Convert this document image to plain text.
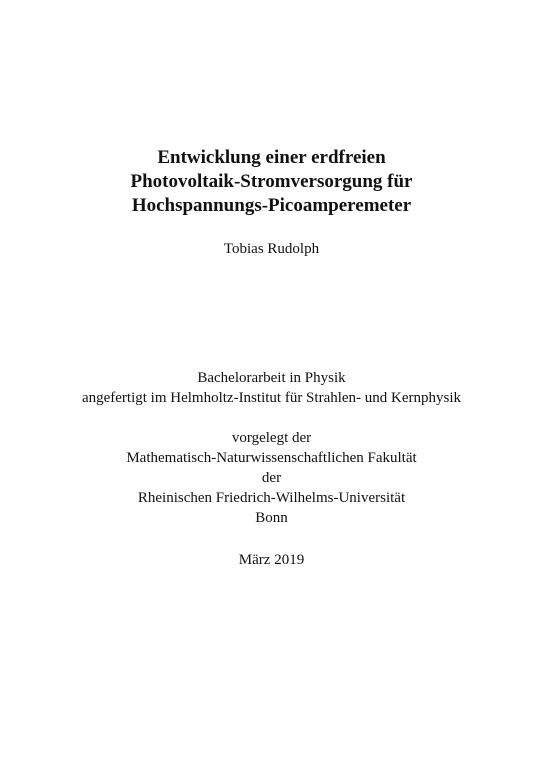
Entwicklung einer erdfreien
Photovoltaik-Stromversorgung für
Hochspannungs-Picoamperemeter
Tobias Rudolph
Bachelorarbeit in Physik
angefertigt im Helmholtz-Institut für Strahlen- und Kernphysik
vorgelegt der
Mathematisch-Naturwissenschaftlichen Fakultät
der
Rheinischen Friedrich-Wilhelms-Universität
Bonn
März 2019
